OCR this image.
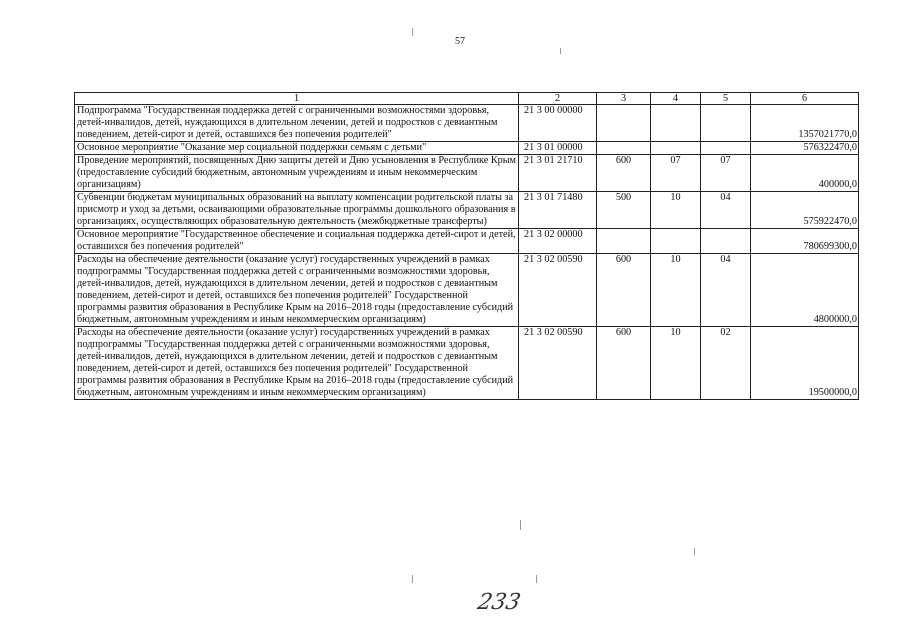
57
1	2	3	4	5	6
Подпрограмма "Государственная поддержка детей с ограниченными возможностями здоровья, детей-инвалидов, детей, нуждающихся в длительном лечении, детей и подростков с девиантным поведением, детей-сирот и детей, оставшихся без попечения родителей"	21 3 00 00000				1357021770,0
Основное мероприятие "Оказание мер социальной поддержки семьям с детьми"	21 3 01 00000				576322470,0
Проведение мероприятий, посвященных Дню защиты детей и Дню усыновления в Республике Крым (предоставление субсидий бюджетным, автономным учреждениям и иным некоммерческим организациям)	21 3 01 21710	600	07	07	400000,0
Субвенции бюджетам муниципальных образований на выплату компенсации родительской платы за присмотр и уход за детьми, осваивающими образовательные программы дошкольного образования в организациях, осуществляющих образовательную деятельность (межбюджетные трансферты)	21 3 01 71480	500	10	04	575922470,0
Основное мероприятие "Государственное обеспечение и социальная поддержка детей-сирот и детей, оставшихся без попечения родителей"	21 3 02 00000				780699300,0
Расходы на обеспечение деятельности (оказание услуг) государственных учреждений в рамках подпрограммы "Государственная поддержка детей с ограниченными возможностями здоровья, детей-инвалидов, детей, нуждающихся в длительном лечении, детей и подростков с девиантным поведением, детей-сирот и детей, оставшихся без попечения родителей" Государственной программы развития образования в Республике Крым на 2016–2018 годы (предоставление субсидий бюджетным, автономным учреждениям и иным некоммерческим организациям)	21 3 02 00590	600	10	04	4800000,0
Расходы на обеспечение деятельности (оказание услуг) государственных учреждений в рамках подпрограммы "Государственная поддержка детей с ограниченными возможностями здоровья, детей-инвалидов, детей, нуждающихся в длительном лечении, детей и подростков с девиантным поведением, детей-сирот и детей, оставшихся без попечения родителей" Государственной программы развития образования в Республике Крым на 2016–2018 годы (предоставление субсидий бюджетным, автономным учреждениям и иным некоммерческим организациям)	21 3 02 00590	600	10	02	19500000,0
233
